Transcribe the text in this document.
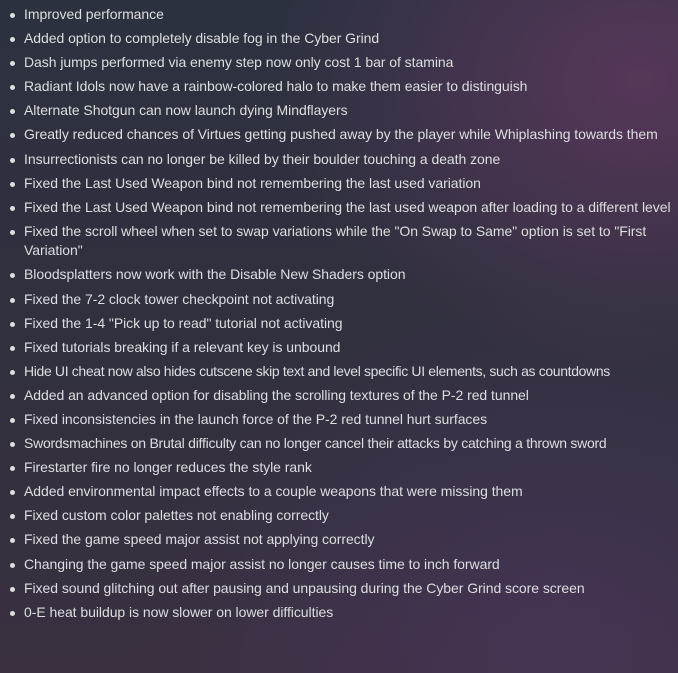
Improved performance
Added option to completely disable fog in the Cyber Grind
Dash jumps performed via enemy step now only cost 1 bar of stamina
Radiant Idols now have a rainbow-colored halo to make them easier to distinguish
Alternate Shotgun can now launch dying Mindflayers
Greatly reduced chances of Virtues getting pushed away by the player while Whiplashing towards them
Insurrectionists can no longer be killed by their boulder touching a death zone
Fixed the Last Used Weapon bind not remembering the last used variation
Fixed the Last Used Weapon bind not remembering the last used weapon after loading to a different level
Fixed the scroll wheel when set to swap variations while the "On Swap to Same" option is set to "First Variation"
Bloodsplatters now work with the Disable New Shaders option
Fixed the 7-2 clock tower checkpoint not activating
Fixed the 1-4 "Pick up to read" tutorial not activating
Fixed tutorials breaking if a relevant key is unbound
Hide UI cheat now also hides cutscene skip text and level specific UI elements, such as countdowns
Added an advanced option for disabling the scrolling textures of the P-2 red tunnel
Fixed inconsistencies in the launch force of the P-2 red tunnel hurt surfaces
Swordsmachines on Brutal difficulty can no longer cancel their attacks by catching a thrown sword
Firestarter fire no longer reduces the style rank
Added environmental impact effects to a couple weapons that were missing them
Fixed custom color palettes not enabling correctly
Fixed the game speed major assist not applying correctly
Changing the game speed major assist no longer causes time to inch forward
Fixed sound glitching out after pausing and unpausing during the Cyber Grind score screen
0-E heat buildup is now slower on lower difficulties
